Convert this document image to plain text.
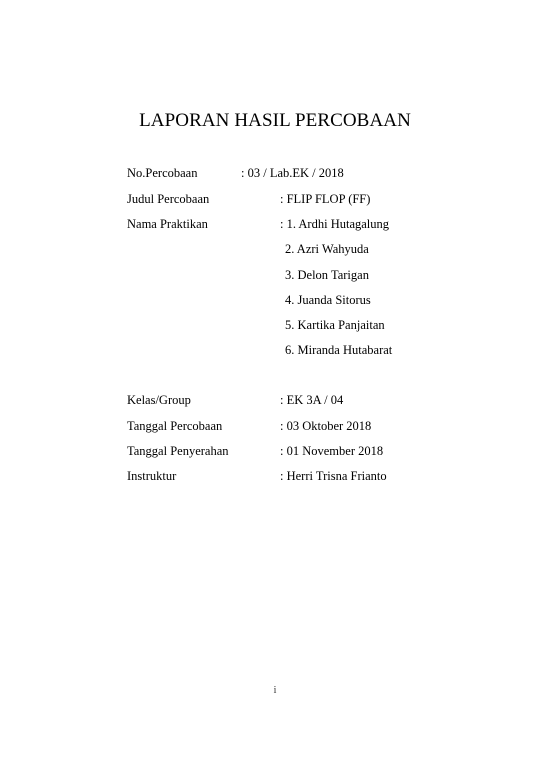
LAPORAN HASIL PERCOBAAN
No.Percobaan	: 03 / Lab.EK / 2018
Judul Percobaan	: FLIP FLOP (FF)
Nama Praktikan	: 1. Ardhi Hutagalung
2. Azri Wahyuda
3. Delon Tarigan
4. Juanda Sitorus
5. Kartika Panjaitan
6. Miranda Hutabarat
Kelas/Group	: EK 3A / 04
Tanggal Percobaan	: 03 Oktober 2018
Tanggal Penyerahan	: 01 November 2018
Instruktur	: Herri Trisna Frianto
i
